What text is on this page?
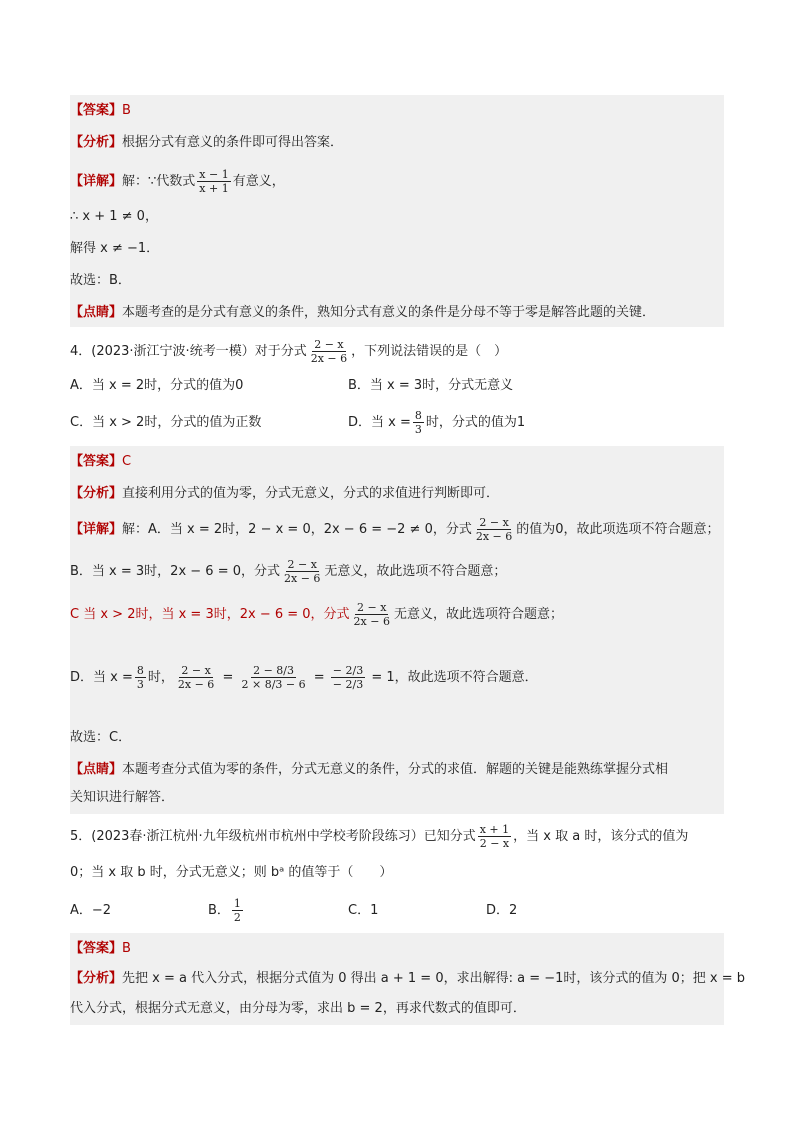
【答案】B
【分析】根据分式有意义的条件即可得出答案．
【详解】解：∵代数式 $\frac{x - 1}{x + 1}$ 有意义，
∴ x + 1 ≠ 0，
解得 x ≠ −1．
故选：B．
【点睛】本题考查的是分式有意义的条件，熟知分式有意义的条件是分母不等于零是解答此题的关键．
4．(2023·浙江宁波·统考一模）对于分式 $\frac{2 - x}{2x - 6}$ ，下列说法错误的是（　）
A．当 x = 2时，分式的值为0	B．当 x = 3时，分式无意义
C．当 x > 2时，分式的值为正数	D．当 $x = \frac{8}{3}$ 时，分式的值为1
【答案】C
【分析】直接利用分式的值为零，分式无意义，分式的求值进行判断即可．
【详解】解：A．当 x = 2时，2 − x = 0，2x − 6 = −2 ≠ 0，分式 $\frac{2 - x}{2x - 6}$ 的值为0，故此项选项不符合题意；
B．当 x = 3时，2x − 6 = 0，分式 $\frac{2 - x}{2x - 6}$ 无意义，故此选项不符合题意；
C 当 x > 2时，当 x = 3时，2x − 6 = 0，分式 $\frac{2 - x}{2x - 6}$ 无意义，故此选项符合题意；
D．当 $x = \frac{8}{3}$ 时， $\frac{2 - x}{2x - 6} = \frac{2 - 8/3}{2 \times 8/3 - 6} = \frac{- 2/3}{- 2/3} = 1$，故此选项不符合题意．
故选：C．
【点睛】本题考查分式值为零的条件，分式无意义的条件，分式的求值．解题的关键是能熟练掌握分式相
关知识进行解答．
5．(2023春·浙江杭州·九年级杭州市杭州中学校考阶段练习）已知分式 $\frac{x + 1}{2 - x}$ ，当 x 取 a 时，该分式的值为
0；当 x 取 b 时，分式无意义；则 bᵃ 的值等于（　　）
A．−2	B． $\frac{1}{2}$	C．1	D．2
【答案】B
【分析】先把 x = a 代入分式，根据分式值为 0 得出 a + 1 = 0，求出解得: a = −1时，该分式的值为 0；把 x = b
代入分式，根据分式无意义，由分母为零，求出 b = 2，再求代数式的值即可．
